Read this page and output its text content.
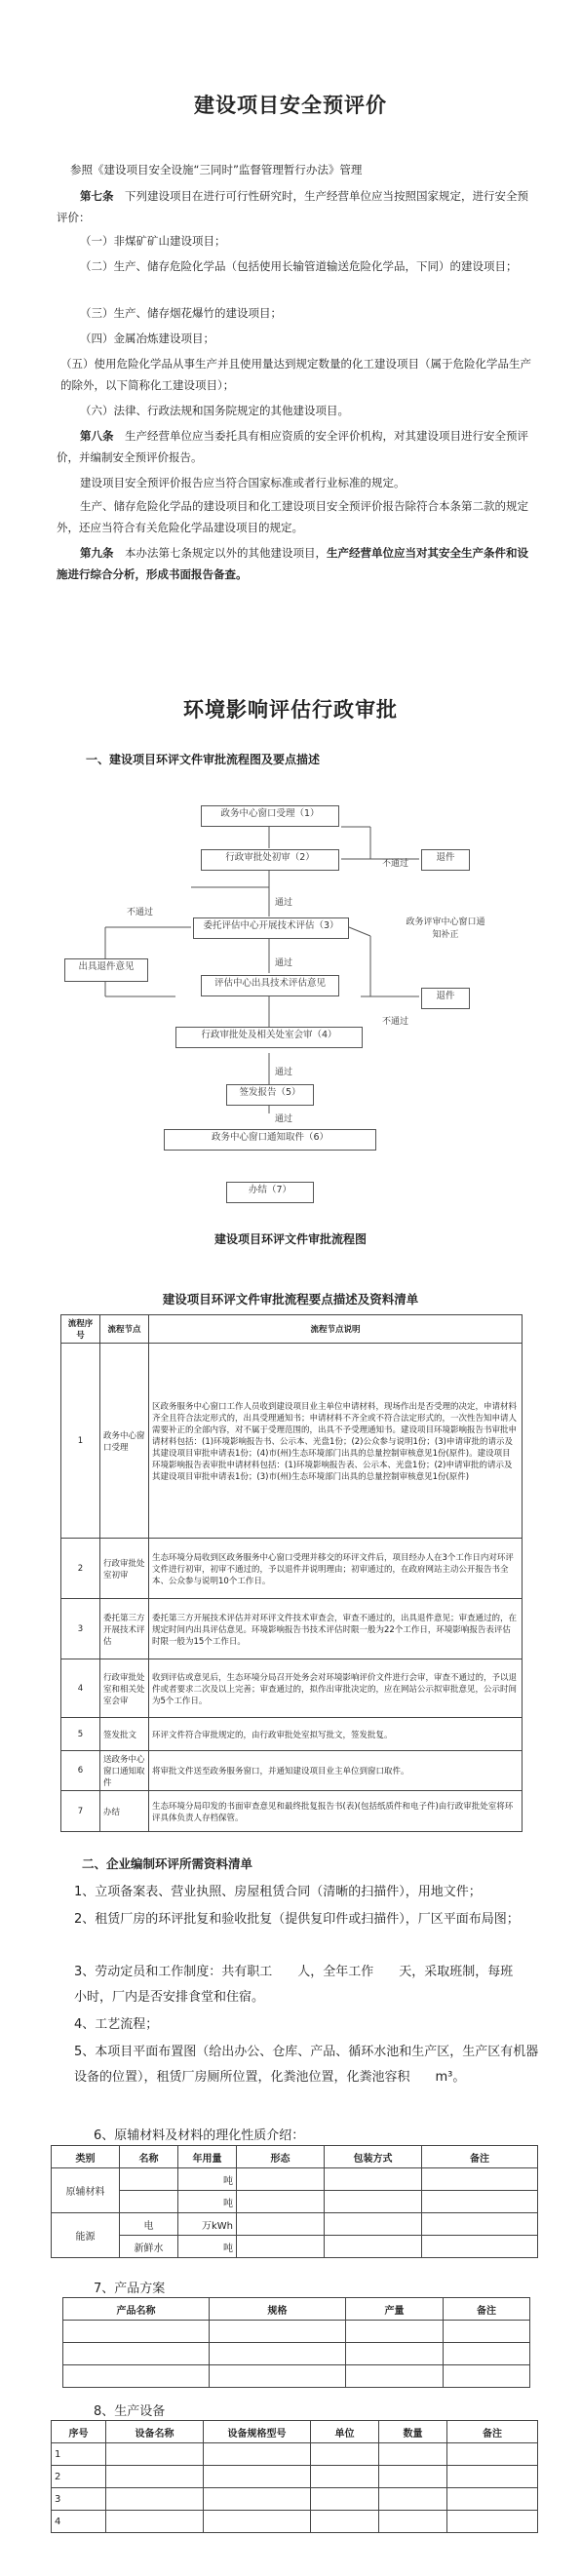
建设项目安全预评价
参照《建设项目安全设施“三同时”监督管理暂行办法》管理
第七条　 下列建设项目在进行可行性研究时，生产经营单位应当按照国家规定，进行安全预评价：
（一）非煤矿矿山建设项目；
（二）生产、储存危险化学品（包括使用长输管道输送危险化学品，下同）的建设项目；
（三）生产、储存烟花爆竹的建设项目；
（四）金属冶炼建设项目；
（五）使用危险化学品从事生产并且使用量达到规定数量的化工建设项目（属于危险化学品生产的除外，以下简称化工建设项目）；
（六）法律、行政法规和国务院规定的其他建设项目。
第八条　 生产经营单位应当委托具有相应资质的安全评价机构，对其建设项目进行安全预评价，并编制安全预评价报告。
建设项目安全预评价报告应当符合国家标准或者行业标准的规定。
生产、储存危险化学品的建设项目和化工建设项目安全预评价报告除符合本条第二款的规定外，还应当符合有关危险化学品建设项目的规定。
第九条　 本办法第七条规定以外的其他建设项目，生产经营单位应当对其安全生产条件和设施进行综合分析，形成书面报告备查。
环境影响评估行政审批
一、建设项目环评文件审批流程图及要点描述
政务中心窗口受理（1）
行政审批处初审（2）
委托评估中心开展技术评估（3）
评估中心出具技术评估意见
行政审批处及相关处室会审（4）
签发报告（5）
政务中心窗口通知取件（6）
办结（7）
退件
退件
出具退件意见
政务评审中心窗口通知补正
不通过
通过
不通过
通过
不通过
通过
通过
建设项目环评文件审批流程图
建设项目环评文件审批流程要点描述及资料清单
流程序号	流程节点	流程节点说明
1	政务中心窗口受理	区政务服务中心窗口工作人员收到建设项目业主单位申请材料，现场作出是否受理的决定，申请材料齐全且符合法定形式的，出具受理通知书；申请材料不齐全或不符合法定形式的，一次性告知申请人需要补正的全部内容，对不属于受理范围的，出具不予受理通知书。建设项目环境影响报告书审批申请材料包括：(1)环境影响报告书、公示本、光盘1份；(2)公众参与说明1份；(3)申请审批的请示及其建设项目审批申请表1份；(4)市(州)生态环境部门出具的总量控制审核意见1份(原件)。建设项目环境影响报告表审批申请材料包括：(1)环境影响报告表、公示本、光盘1份；(2)申请审批的请示及其建设项目审批申请表1份；(3)市(州)生态环境部门出具的总量控制审核意见1份(原件)
2	行政审批处室初审	生态环境分局收到区政务服务中心窗口受理并移交的环评文件后，项目经办人在3个工作日内对环评文件进行初审，初审不通过的，予以退件并说明理由；初审通过的，在政府网站主动公开报告书全本、公众参与说明10个工作日。
3	委托第三方开展技术评估	委托第三方开展技术评估并对环评文件技术审查会，审查不通过的，出具退件意见；审查通过的，在规定时间内出具评估意见。环境影响报告书技术评估时限一般为22个工作日，环境影响报告表评估时限一般为15个工作日。
4	行政审批处室和相关处室会审	收到评估或意见后，生态环境分局召开处务会对环境影响评价文件进行会审，审查不通过的，予以退件或者要求二次及以上完善；审查通过的，拟作出审批决定的，应在网站公示拟审批意见，公示时间为5个工作日。
5	签发批文	环评文件符合审批规定的，由行政审批处室拟写批文，签发批复。
6	送政务中心窗口通知取件	将审批文件送至政务服务窗口，并通知建设项目业主单位到窗口取件。
7	办结	生态环境分局印发的书面审查意见和最终批复报告书(表)(包括纸质件和电子件)由行政审批处室将环评具体负责人存档保管。
二、企业编制环评所需资料清单
1、立项备案表、营业执照、房屋租赁合同（清晰的扫描件），用地文件；
2、租赁厂房的环评批复和验收批复（提供复印件或扫描件），厂区平面布局图；
3、劳动定员和工作制度：共有职工　　人，全年工作　　天，采取班制，每班　　小时，厂内是否安排食堂和住宿。
4、工艺流程；
5、本项目平面布置图（给出办公、仓库、产品、循环水池和生产区，生产区有机器设备的位置），租赁厂房厕所位置，化粪池位置，化粪池容积　　m³。
6、原辅材料及材料的理化性质介绍：
类别	名称	年用量	形态	包装方式	备注
原辅材料		吨			
		吨			
能源	电	万kWh			
	新鲜水	吨			
7、产品方案
产品名称	规格	产量	备注

8、生产设备
序号	设备名称	设备规格型号	单位	数量	备注
1					
2					
3					
4					
